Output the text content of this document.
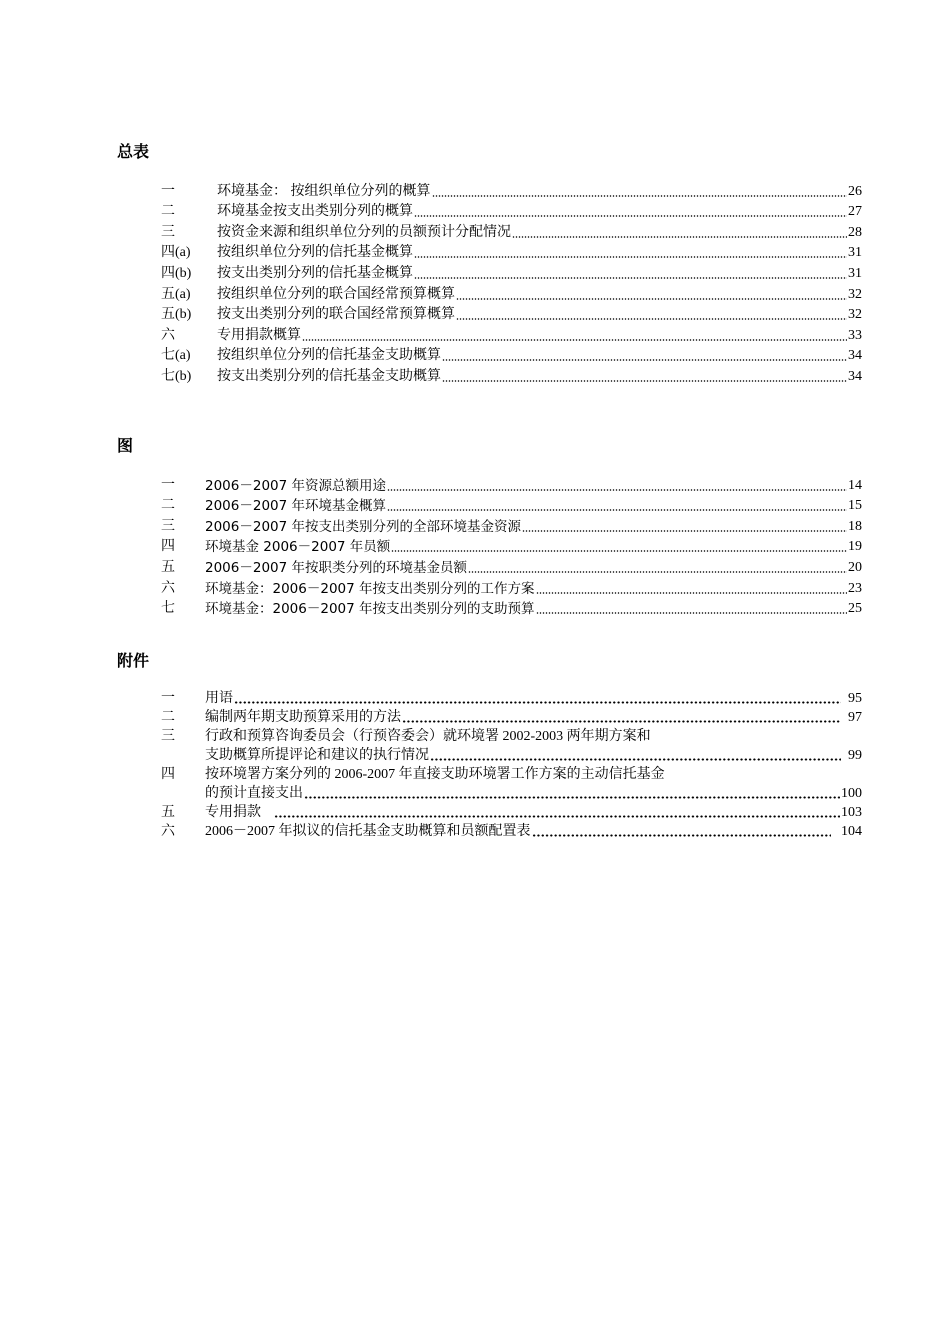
总表
一	环境基金： 按组织单位分列的概算	26
二	环境基金按支出类别分列的概算	27
三	按资金来源和组织单位分列的员额预计分配情况	28
四(a)	按组织单位分列的信托基金概算	31
四(b)	按支出类别分列的信托基金概算	31
五(a)	按组织单位分列的联合国经常预算概算	32
五(b)	按支出类别分列的联合国经常预算概算	32
六	专用捐款概算	33
七(a)	按组织单位分列的信托基金支助概算	34
七(b)	按支出类别分列的信托基金支助概算	34
图
一	2006－2007 年资源总额用途	14
二	2006－2007 年环境基金概算	15
三	2006－2007 年按支出类别分列的全部环境基金资源	18
四	环境基金 2006－2007 年员额	19
五	2006－2007 年按职类分列的环境基金员额	20
六	环境基金：2006－2007 年按支出类别分列的工作方案	23
七	环境基金：2006－2007 年按支出类别分列的支助预算	25
附件
一	用语	95
二	编制两年期支助预算采用的方法	97
三	行政和预算咨询委员会（行预咨委会）就环境署 2002-2003 两年期方案和
支助概算所提评论和建议的执行情况	99
四	按环境署方案分列的 2006-2007 年直接支助环境署工作方案的主动信托基金
的预计直接支出	100
五	专用捐款	103
六	2006－2007 年拟议的信托基金支助概算和员额配置表	104
